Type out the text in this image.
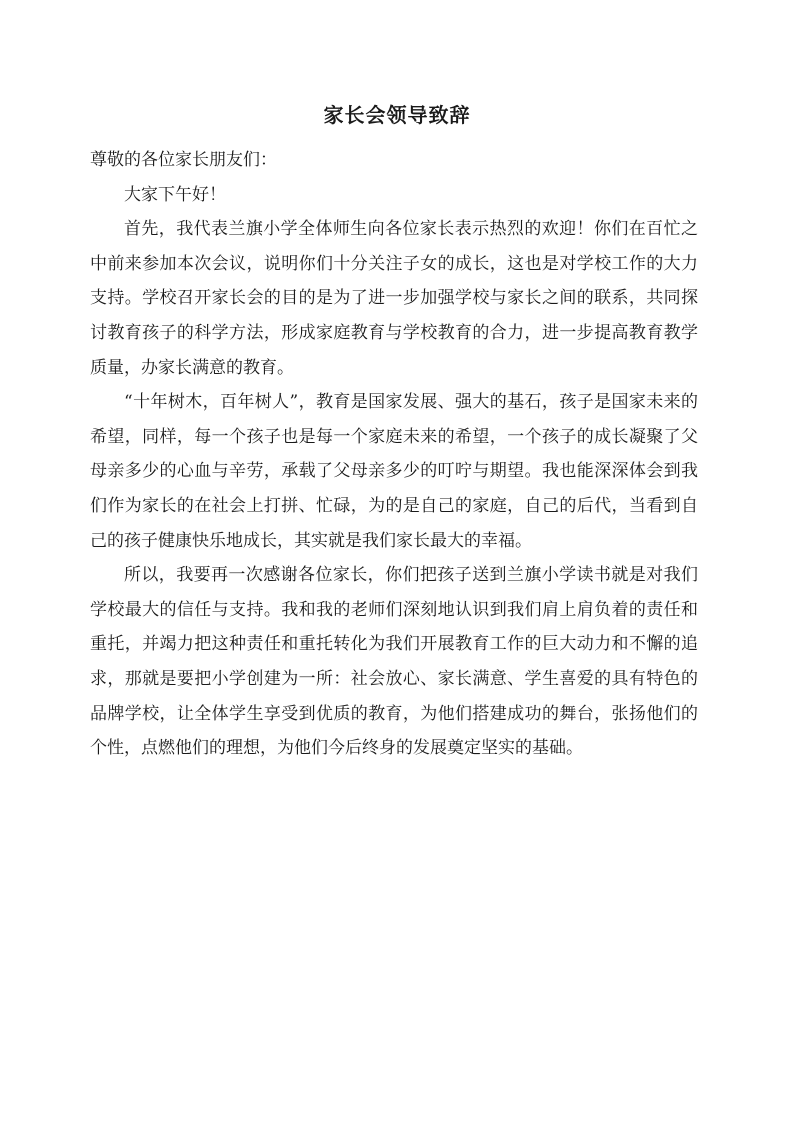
家长会领导致辞

尊敬的各位家长朋友们：

大家下午好！

首先，我代表兰旗小学全体师生向各位家长表示热烈的欢迎！你们在百忙之中前来参加本次会议，说明你们十分关注子女的成长，这也是对学校工作的大力支持。学校召开家长会的目的是为了进一步加强学校与家长之间的联系，共同探讨教育孩子的科学方法，形成家庭教育与学校教育的合力，进一步提高教育教学质量，办家长满意的教育。

“十年树木，百年树人”，教育是国家发展、强大的基石，孩子是国家未来的希望，同样，每一个孩子也是每一个家庭未来的希望，一个孩子的成长凝聚了父母亲多少的心血与辛劳，承载了父母亲多少的叮咛与期望。我也能深深体会到我们作为家长的在社会上打拼、忙碌，为的是自己的家庭，自己的后代，当看到自己的孩子健康快乐地成长，其实就是我们家长最大的幸福。

所以，我要再一次感谢各位家长，你们把孩子送到兰旗小学读书就是对我们学校最大的信任与支持。我和我的老师们深刻地认识到我们肩上肩负着的责任和重托，并竭力把这种责任和重托转化为我们开展教育工作的巨大动力和不懈的追求，那就是要把小学创建为一所：社会放心、家长满意、学生喜爱的具有特色的品牌学校，让全体学生享受到优质的教育，为他们搭建成功的舞台，张扬他们的个性，点燃他们的理想，为他们今后终身的发展奠定坚实的基础。
